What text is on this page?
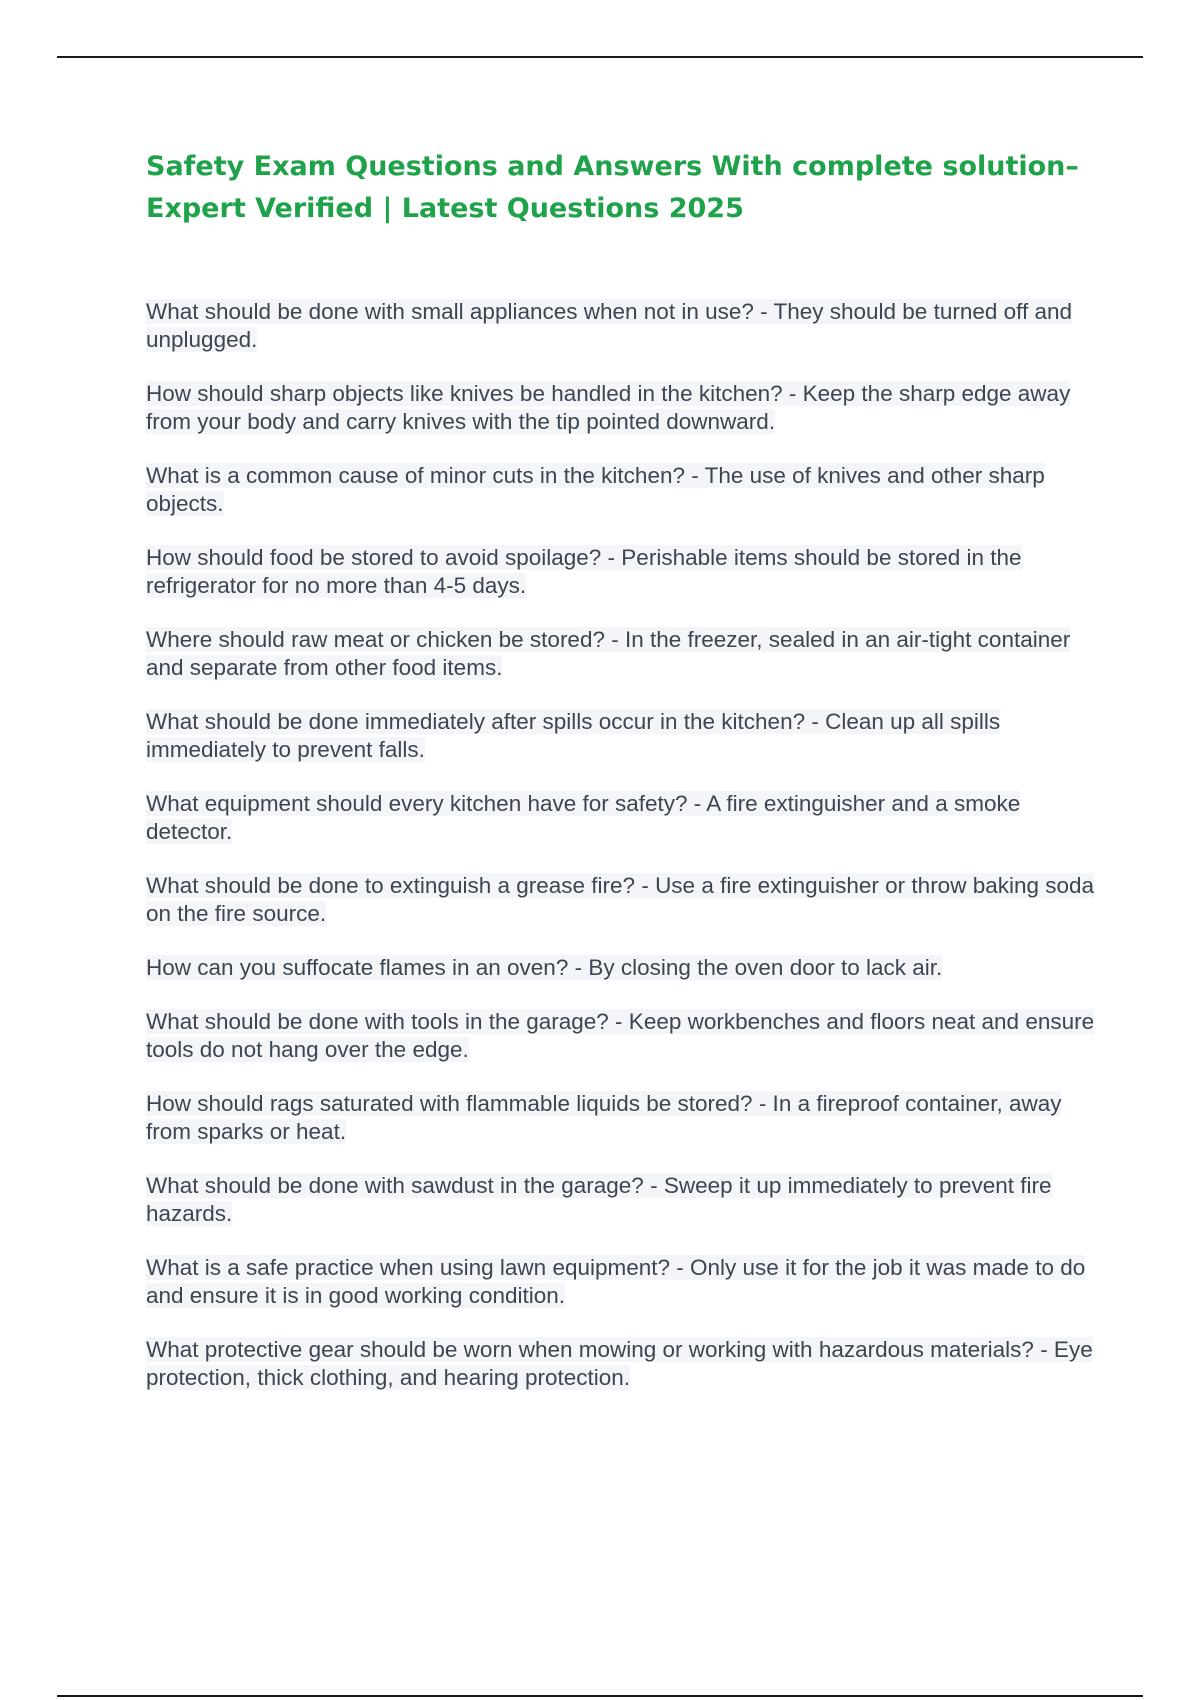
Safety Exam Questions and Answers With complete solution–Expert Verified | Latest Questions 2025

What should be done with small appliances when not in use? - They should be turned off and unplugged.

How should sharp objects like knives be handled in the kitchen? - Keep the sharp edge away from your body and carry knives with the tip pointed downward.

What is a common cause of minor cuts in the kitchen? - The use of knives and other sharp objects.

How should food be stored to avoid spoilage? - Perishable items should be stored in the refrigerator for no more than 4-5 days.

Where should raw meat or chicken be stored? - In the freezer, sealed in an air-tight container and separate from other food items.

What should be done immediately after spills occur in the kitchen? - Clean up all spills immediately to prevent falls.

What equipment should every kitchen have for safety? - A fire extinguisher and a smoke detector.

What should be done to extinguish a grease fire? - Use a fire extinguisher or throw baking soda on the fire source.

How can you suffocate flames in an oven? - By closing the oven door to lack air.

What should be done with tools in the garage? - Keep workbenches and floors neat and ensure tools do not hang over the edge.

How should rags saturated with flammable liquids be stored? - In a fireproof container, away from sparks or heat.

What should be done with sawdust in the garage? - Sweep it up immediately to prevent fire hazards.

What is a safe practice when using lawn equipment? - Only use it for the job it was made to do and ensure it is in good working condition.

What protective gear should be worn when mowing or working with hazardous materials? - Eye protection, thick clothing, and hearing protection.
